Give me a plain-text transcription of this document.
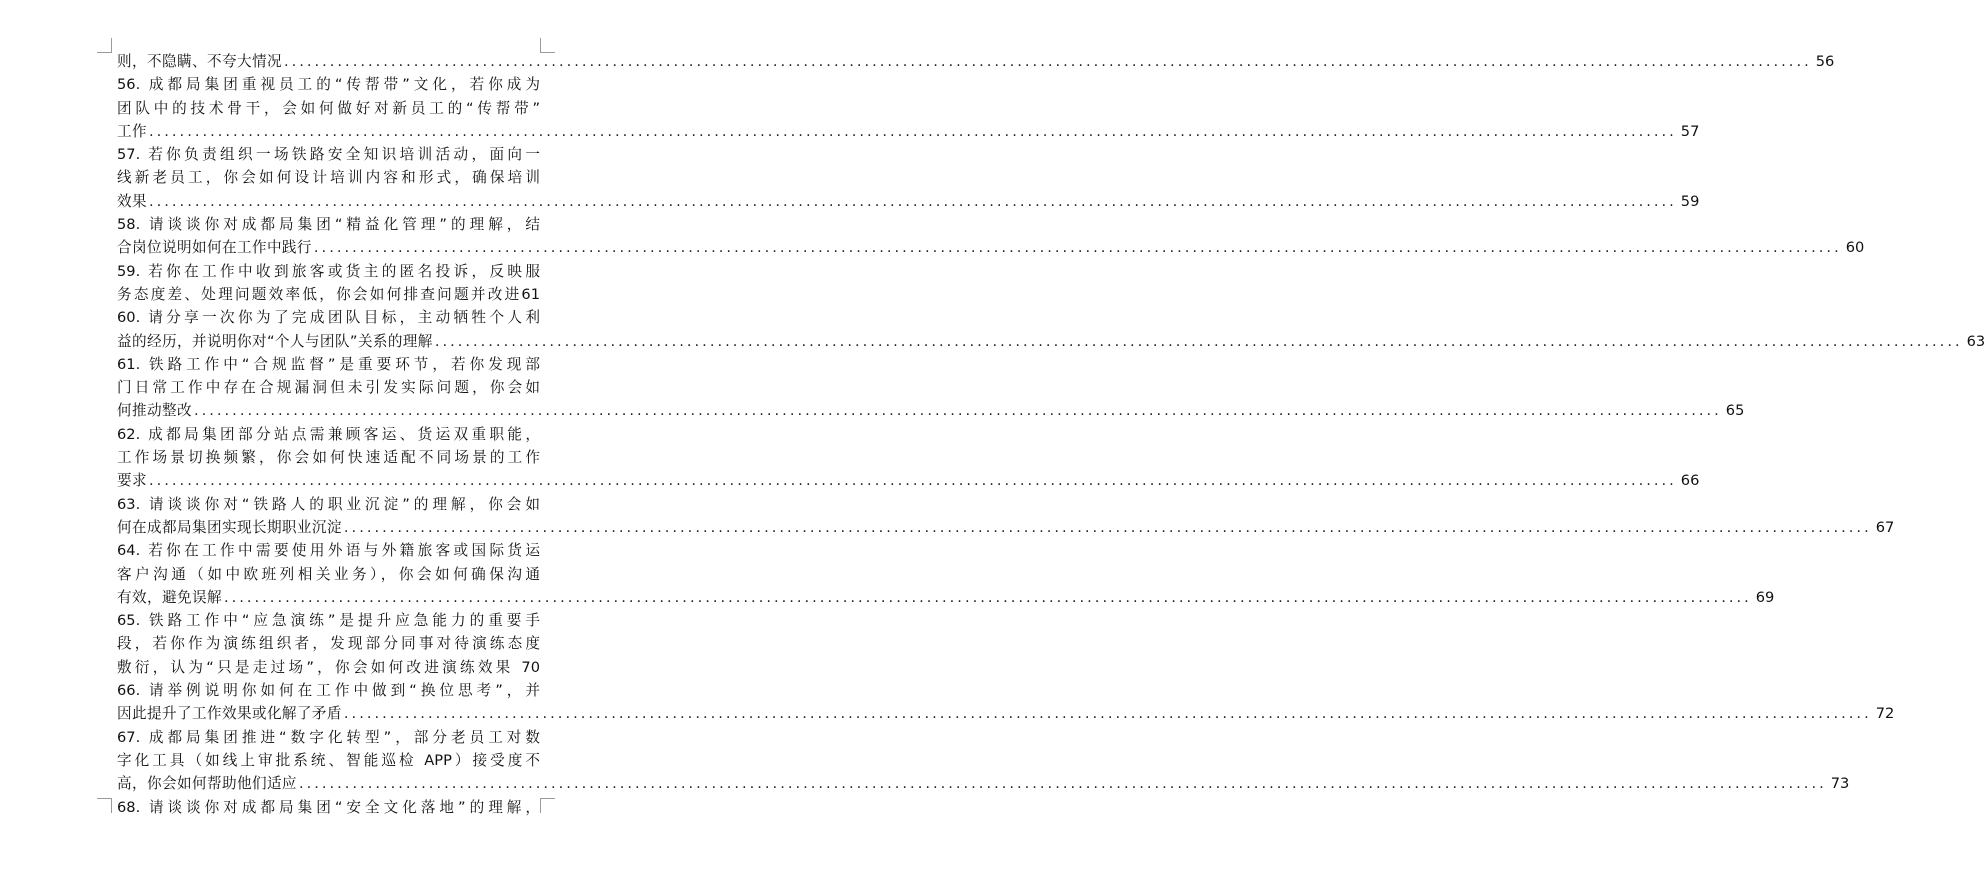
则，不隐瞒、不夸大情况 ........................................................................................................................................................................................................ 56
56. 成都局集团重视员工的“传帮带”文化，若你成为
团队中的技术骨干，会如何做好对新员工的“传帮带”
工作 ........................................................................................................................................................................................................ 57
57. 若你负责组织一场铁路安全知识培训活动，面向一
线新老员工，你会如何设计培训内容和形式，确保培训
效果 ........................................................................................................................................................................................................ 59
58. 请谈谈你对成都局集团“精益化管理”的理解，结
合岗位说明如何在工作中践行 ........................................................................................................................................................................................................ 60
59. 若你在工作中收到旅客或货主的匿名投诉，反映服
务态度差、处理问题效率低，你会如何排查问题并改进61
60. 请分享一次你为了完成团队目标，主动牺牲个人利
益的经历，并说明你对“个人与团队”关系的理解 ........................................................................................................................................................................................................ 63
61. 铁路工作中“合规监督”是重要环节，若你发现部
门日常工作中存在合规漏洞但未引发实际问题，你会如
何推动整改 ........................................................................................................................................................................................................ 65
62. 成都局集团部分站点需兼顾客运、货运双重职能，
工作场景切换频繁，你会如何快速适配不同场景的工作
要求 ........................................................................................................................................................................................................ 66
63. 请谈谈你对“铁路人的职业沉淀”的理解，你会如
何在成都局集团实现长期职业沉淀 ........................................................................................................................................................................................................ 67
64. 若你在工作中需要使用外语与外籍旅客或国际货运
客户沟通（如中欧班列相关业务），你会如何确保沟通
有效，避免误解 ........................................................................................................................................................................................................ 69
65. 铁路工作中“应急演练”是提升应急能力的重要手
段，若你作为演练组织者，发现部分同事对待演练态度
敷衍，认为“只是走过场”，你会如何改进演练效果 70
66. 请举例说明你如何在工作中做到“换位思考”，并
因此提升了工作效果或化解了矛盾 ........................................................................................................................................................................................................ 72
67. 成都局集团推进“数字化转型”，部分老员工对数
字化工具（如线上审批系统、智能巡检 APP）接受度不
高，你会如何帮助他们适应 ........................................................................................................................................................................................................ 73
68. 请谈谈你对成都局集团“安全文化落地”的理解，
